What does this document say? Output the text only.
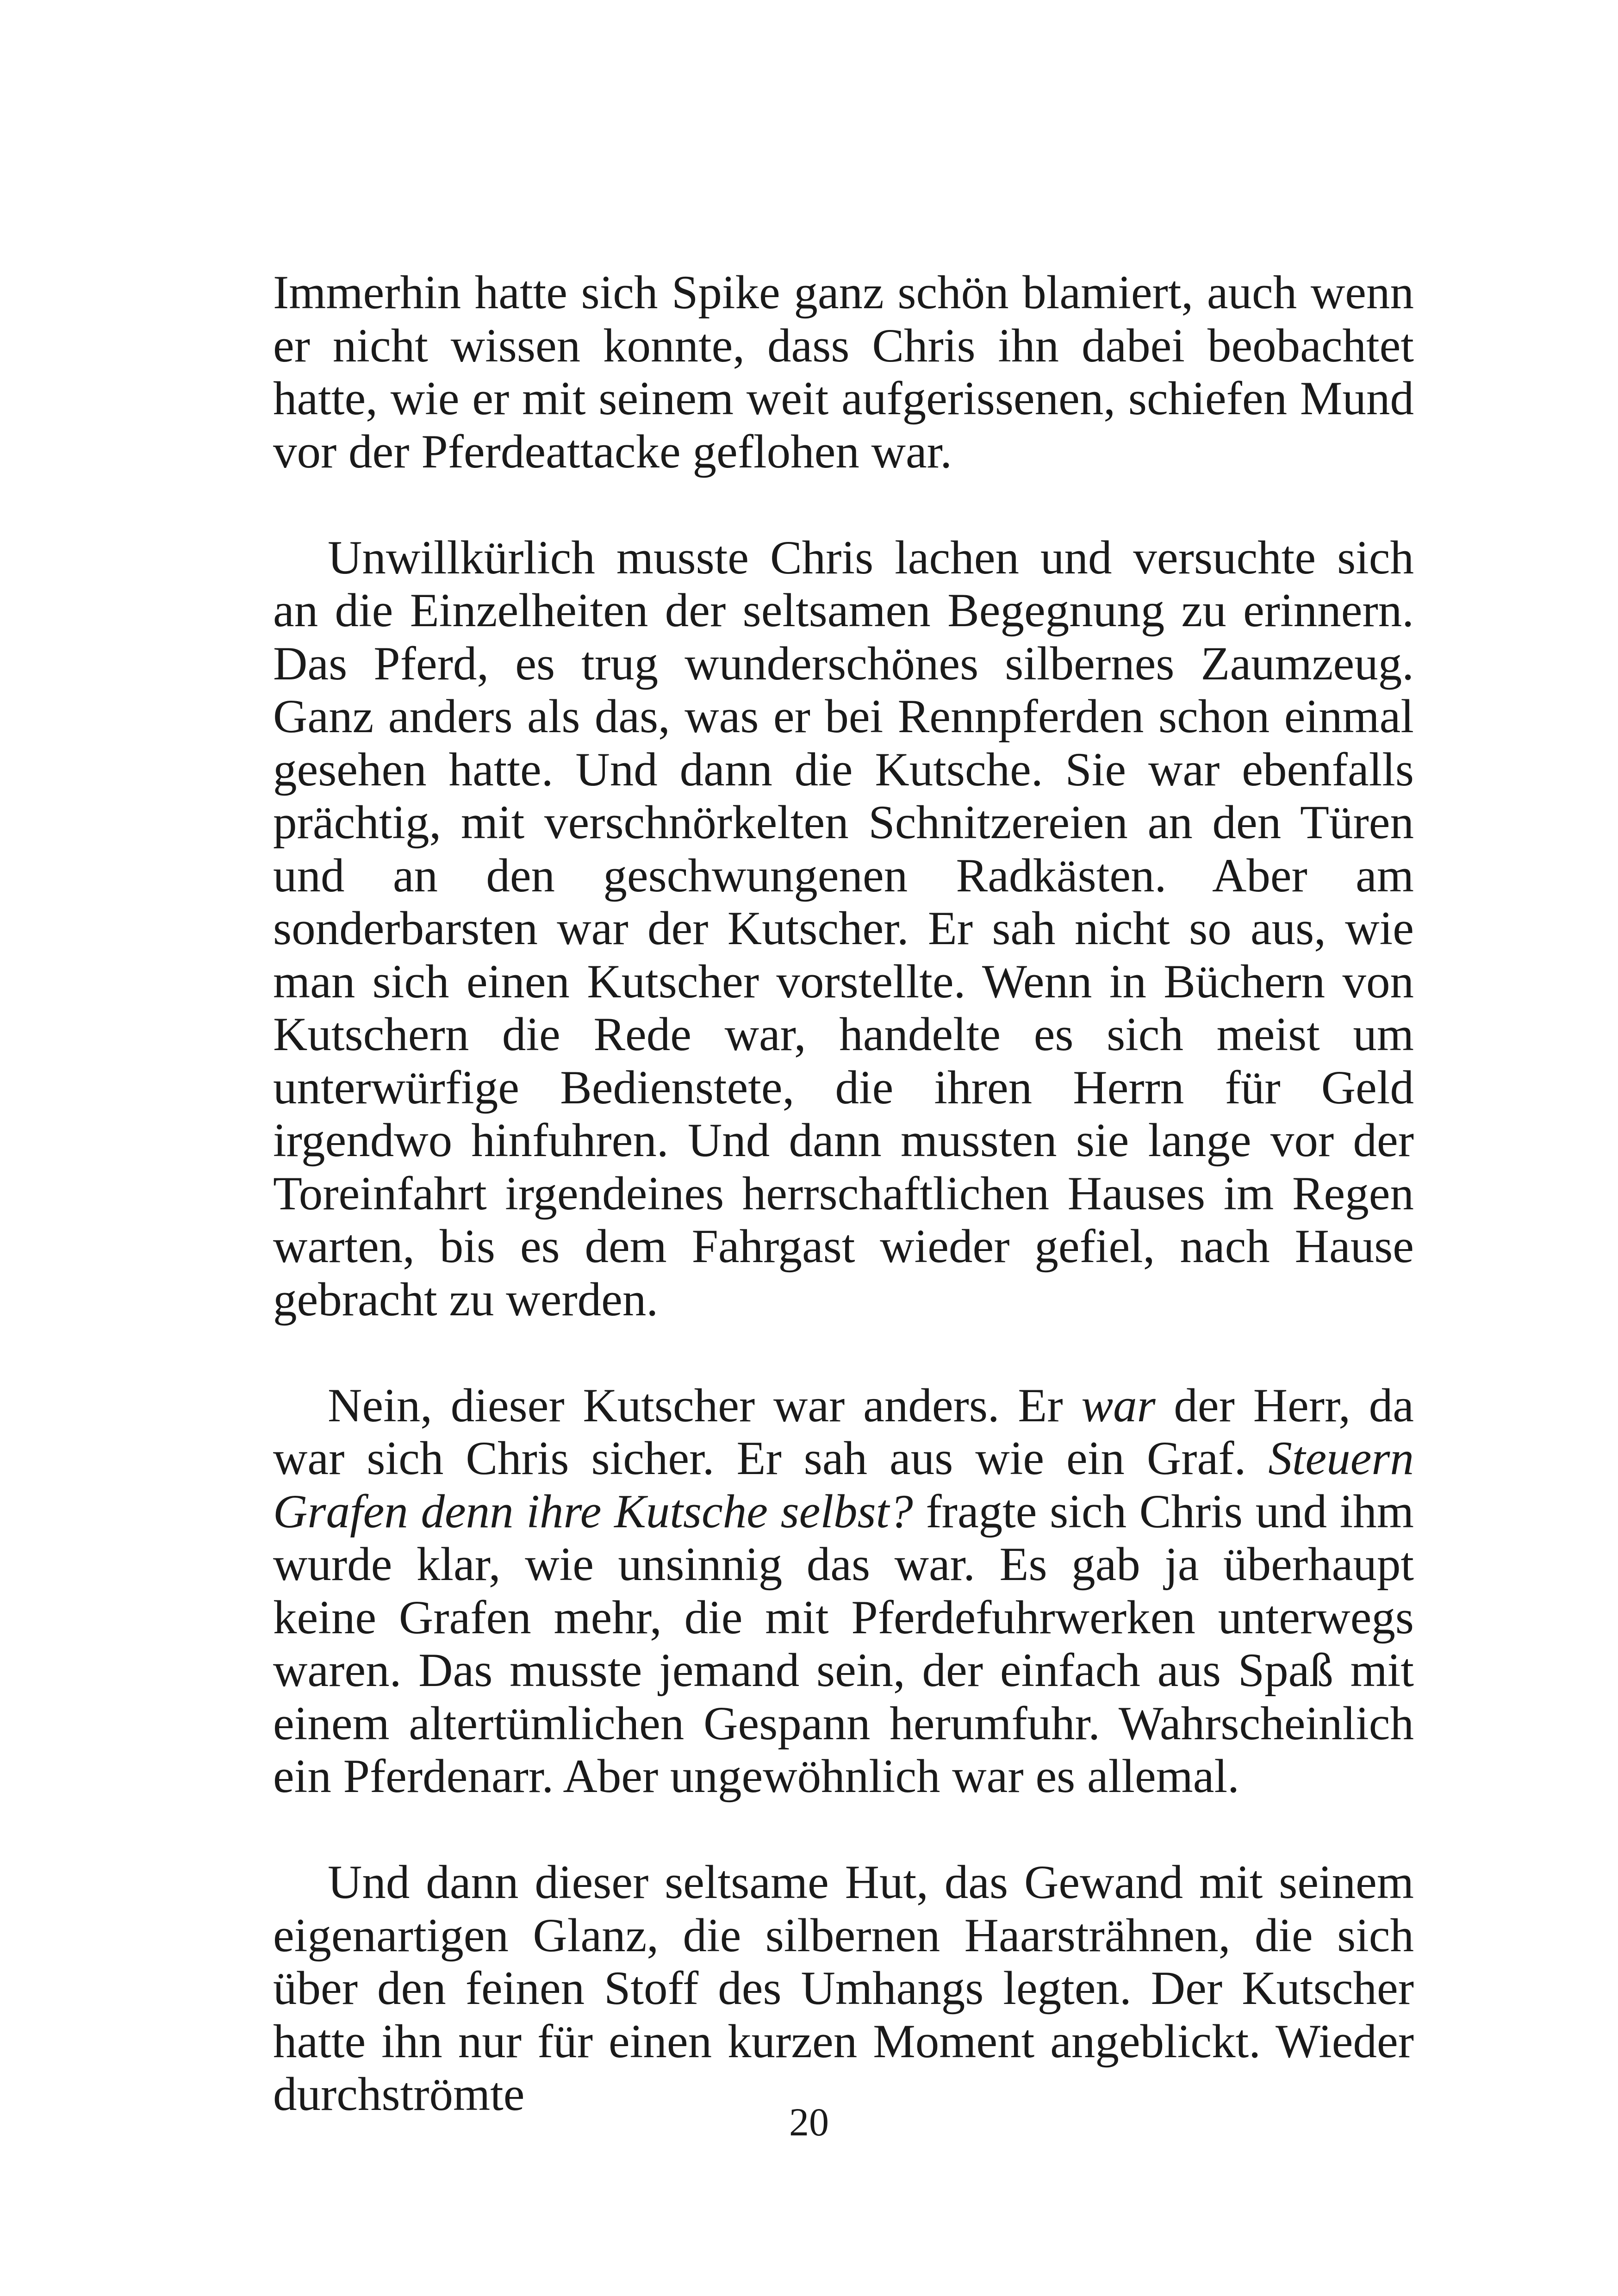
Immerhin hatte sich Spike ganz schön blamiert, auch wenn er nicht wissen konnte, dass Chris ihn dabei beobachtet hatte, wie er mit seinem weit aufgerissenen, schiefen Mund vor der Pferdeattacke geflohen war.

Unwillkürlich musste Chris lachen und versuchte sich an die Einzelheiten der seltsamen Begegnung zu erinnern. Das Pferd, es trug wunderschönes silbernes Zaumzeug. Ganz anders als das, was er bei Rennpferden schon einmal gesehen hatte. Und dann die Kutsche. Sie war ebenfalls prächtig, mit verschnörkelten Schnitzereien an den Türen und an den geschwungenen Radkästen. Aber am sonderbarsten war der Kutscher. Er sah nicht so aus, wie man sich einen Kutscher vorstellte. Wenn in Büchern von Kutschern die Rede war, handelte es sich meist um unterwürfige Bedienstete, die ihren Herrn für Geld irgendwo hinfuhren. Und dann mussten sie lange vor der Toreinfahrt irgendeines herrschaftlichen Hauses im Regen warten, bis es dem Fahrgast wieder gefiel, nach Hause gebracht zu werden.

Nein, dieser Kutscher war anders. Er war der Herr, da war sich Chris sicher. Er sah aus wie ein Graf. Steuern Grafen denn ihre Kutsche selbst? fragte sich Chris und ihm wurde klar, wie unsinnig das war. Es gab ja überhaupt keine Grafen mehr, die mit Pferdefuhrwerken unterwegs waren. Das musste jemand sein, der einfach aus Spaß mit einem altertümlichen Gespann herumfuhr. Wahrscheinlich ein Pferdenarr. Aber ungewöhnlich war es allemal.

Und dann dieser seltsame Hut, das Gewand mit seinem eigenartigen Glanz, die silbernen Haarsträhnen, die sich über den feinen Stoff des Umhangs legten. Der Kutscher hatte ihn nur für einen kurzen Moment angeblickt. Wieder durchströmte

20
